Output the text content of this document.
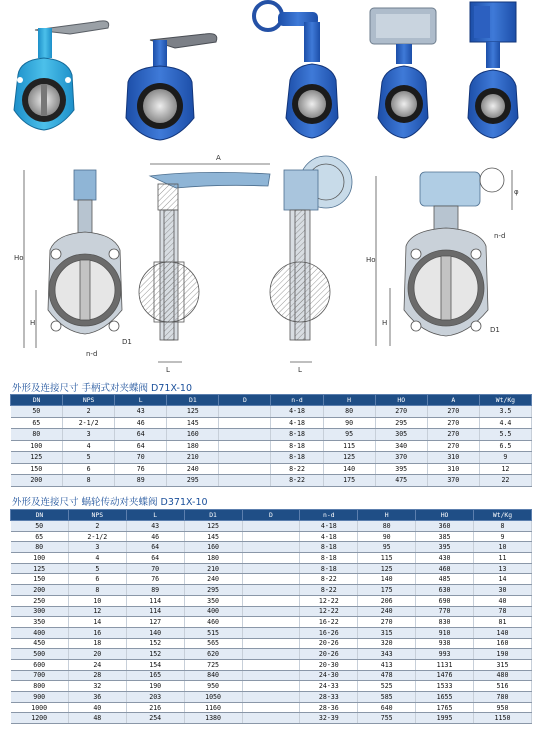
Ho
H
D1
n-d
A
L	L
Ho
H
n-d
D1
φ
外形及连接尺寸 手柄式对夹蝶阀 D71X-10
DN	NPS	L	D1	D	n-d	H	HO	A	Wt/Kg
50	2	43	125		4-18	80	270	270	3.5
65	2-1/2	46	145		4-18	90	295	270	4.4
80	3	64	160		8-18	95	305	270	5.5
100	4	64	180		8-18	115	340	270	6.5
125	5	70	210		8-18	125	370	310	9
150	6	76	240		8-22	140	395	310	12
200	8	89	295		8-22	175	475	370	22
外形及连接尺寸 蜗轮传动对夹蝶阀 D371X-10
DN	NPS	L	D1	D	n-d	H	HO	Wt/Kg
50	2	43	125		4-18	80	360	8
65	2-1/2	46	145		4-18	90	385	9
80	3	64	160		8-18	95	395	10
100	4	64	180		8-18	115	430	11
125	5	70	210		8-18	125	460	13
150	6	76	240		8-22	140	485	14
200	8	89	295		8-22	175	630	30
250	10	114	350		12-22	206	690	40
300	12	114	400		12-22	240	770	78
350	14	127	460		16-22	270	830	81
400	16	140	515		16-26	315	910	140
450	18	152	565		20-26	320	938	160
500	20	152	620		20-26	343	993	190
600	24	154	725		20-30	413	1131	315
700	28	165	840		24-30	478	1476	480
800	32	190	950		24-33	525	1533	516
900	36	203	1050		28-33	585	1655	780
1000	40	216	1160		28-36	640	1765	950
1200	48	254	1380		32-39	755	1995	1150
